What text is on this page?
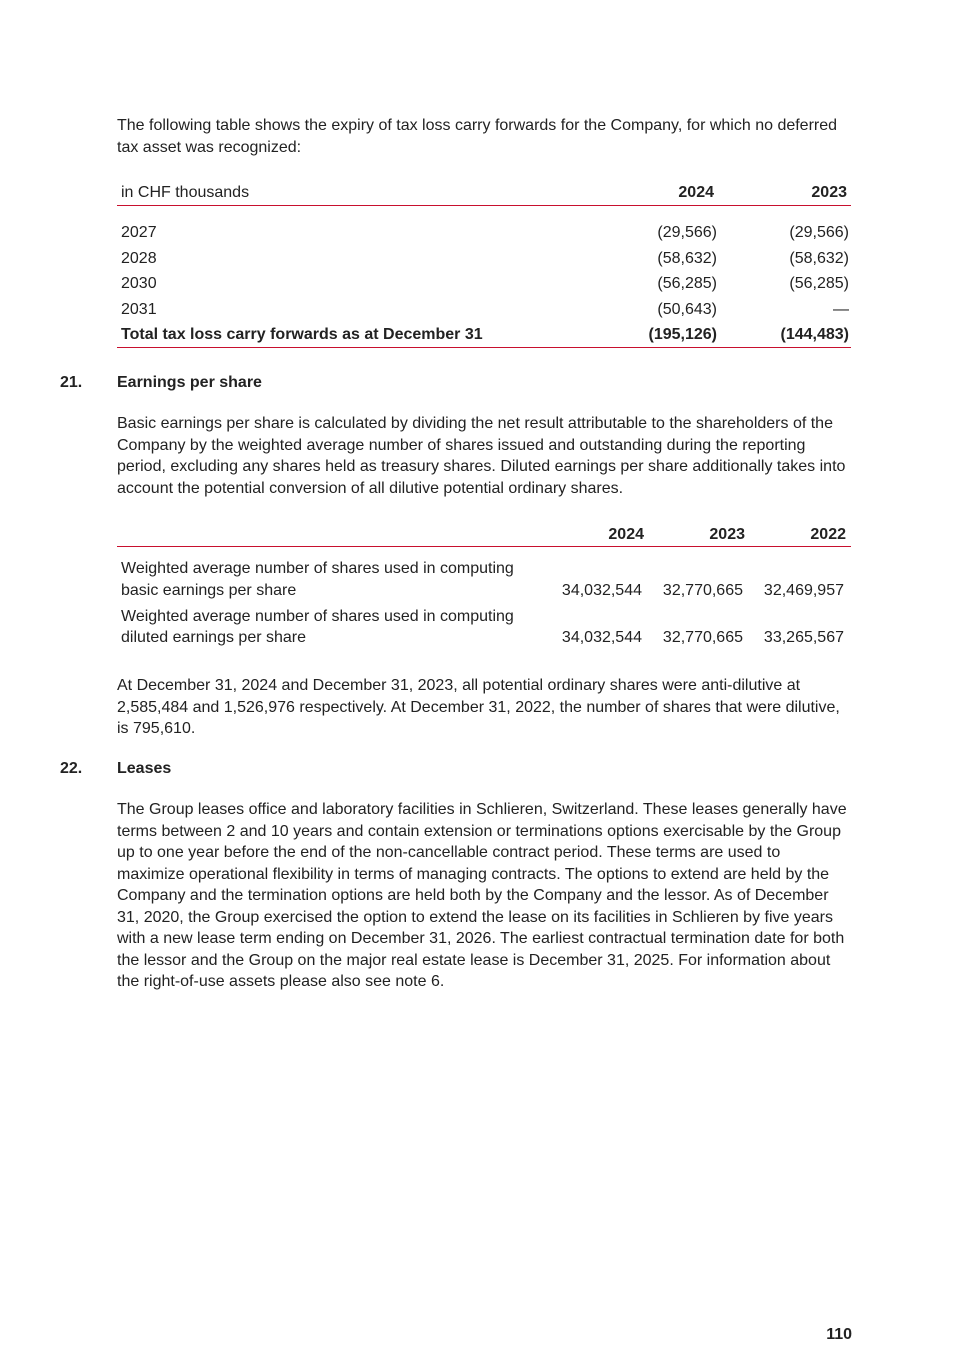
The following table shows the expiry of tax loss carry forwards for the Company, for which no deferred tax asset was recognized:

in CHF thousands	2024	2023
2027	(29,566)	(29,566)
2028	(58,632)	(58,632)
2030	(56,285)	(56,285)
2031	(50,643)	—
Total tax loss carry forwards as at December 31	(195,126)	(144,483)
21. Earnings per share

Basic earnings per share is calculated by dividing the net result attributable to the shareholders of the Company by the weighted average number of shares issued and outstanding during the reporting period, excluding any shares held as treasury shares. Diluted earnings per share additionally takes into account the potential conversion of all dilutive potential ordinary shares.

2024	2023	2022
Weighted average number of shares used in computing basic earnings per share	34,032,544 32,770,665 32,469,957
Weighted average number of shares used in computing diluted earnings per share	34,032,544 32,770,665 33,265,567

At December 31, 2024 and December 31, 2023, all potential ordinary shares were anti-dilutive at 2,585,484 and 1,526,976 respectively. At December 31, 2022, the number of shares that were dilutive, is 795,610.

22. Leases

The Group leases office and laboratory facilities in Schlieren, Switzerland. These leases generally have terms between 2 and 10 years and contain extension or terminations options exercisable by the Group up to one year before the end of the non-cancellable contract period. These terms are used to maximize operational flexibility in terms of managing contracts. The options to extend are held by the Company and the termination options are held both by the Company and the lessor. As of December 31, 2020, the Group exercised the option to extend the lease on its facilities in Schlieren by five years with a new lease term ending on December 31, 2026. The earliest contractual termination date for both the lessor and the Group on the major real estate lease is December 31, 2025. For information about the right-of-use assets please also see note 6.

110
